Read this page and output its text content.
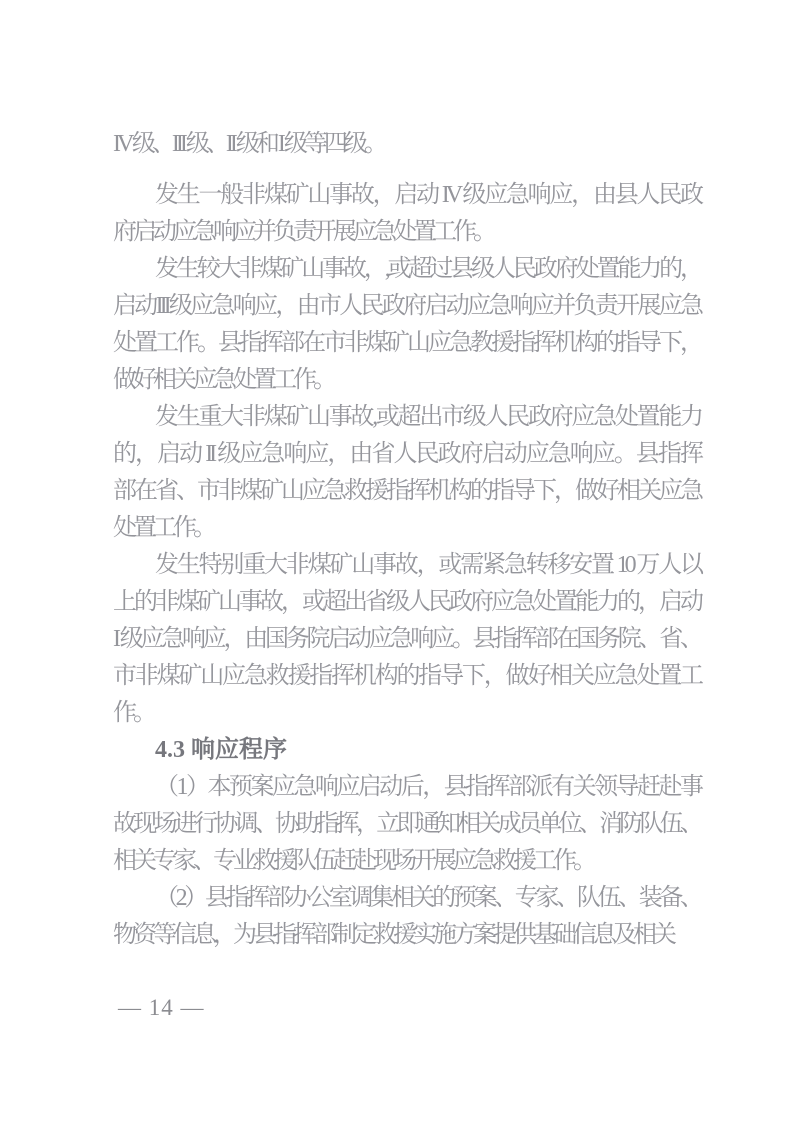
IV 级、III 级、II 级和 I 级等四级。
发生一般非煤矿山事故，启动 IV 级应急响应，由县人民政
府启动应急响应并负责开展应急处置工作。
发生较大非煤矿山事故，,或超过县级人民政府处置能力的，
启动III级应急响应，由市人民政府启动应急响应并负责开展应急
处置工作。县指挥部在市非煤矿山应急教援指挥机构的指导下，
做好相关应急处置工作。
发生重大非煤矿山事故,或超出市级人民政府应急处置能力
的，启动 II 级应急响应，由省人民政府启动应急响应。县指挥
部在省、市非煤矿山应急救援指挥机构的指导下，做好相关应急
处置工作。
发生特别重大非煤矿山事故，或需紧急转移安置 10 万人以
上的非煤矿山事故，或超出省级人民政府应急处置能力的，启动
I 级应急响应，由国务院启动应急响应。县指挥部在国务院、省、
市非煤矿山应急救援指挥机构的指导下，做好相关应急处置工
作。
4.3 响应程序
（1）本预案应急响应启动后，县指挥部派有关领导赶赴事
故现场进行协调、协助指挥，立即通知相关成员单位、消防队伍、
相关专家、专业救援队伍赶赴现场开展应急救援工作。
（2）县指挥部办公室调集相关的预案、专家、队伍、装备、
物资等信息，为县指挥部制定救援实施方案提供基础信息及相关
— 14 —
